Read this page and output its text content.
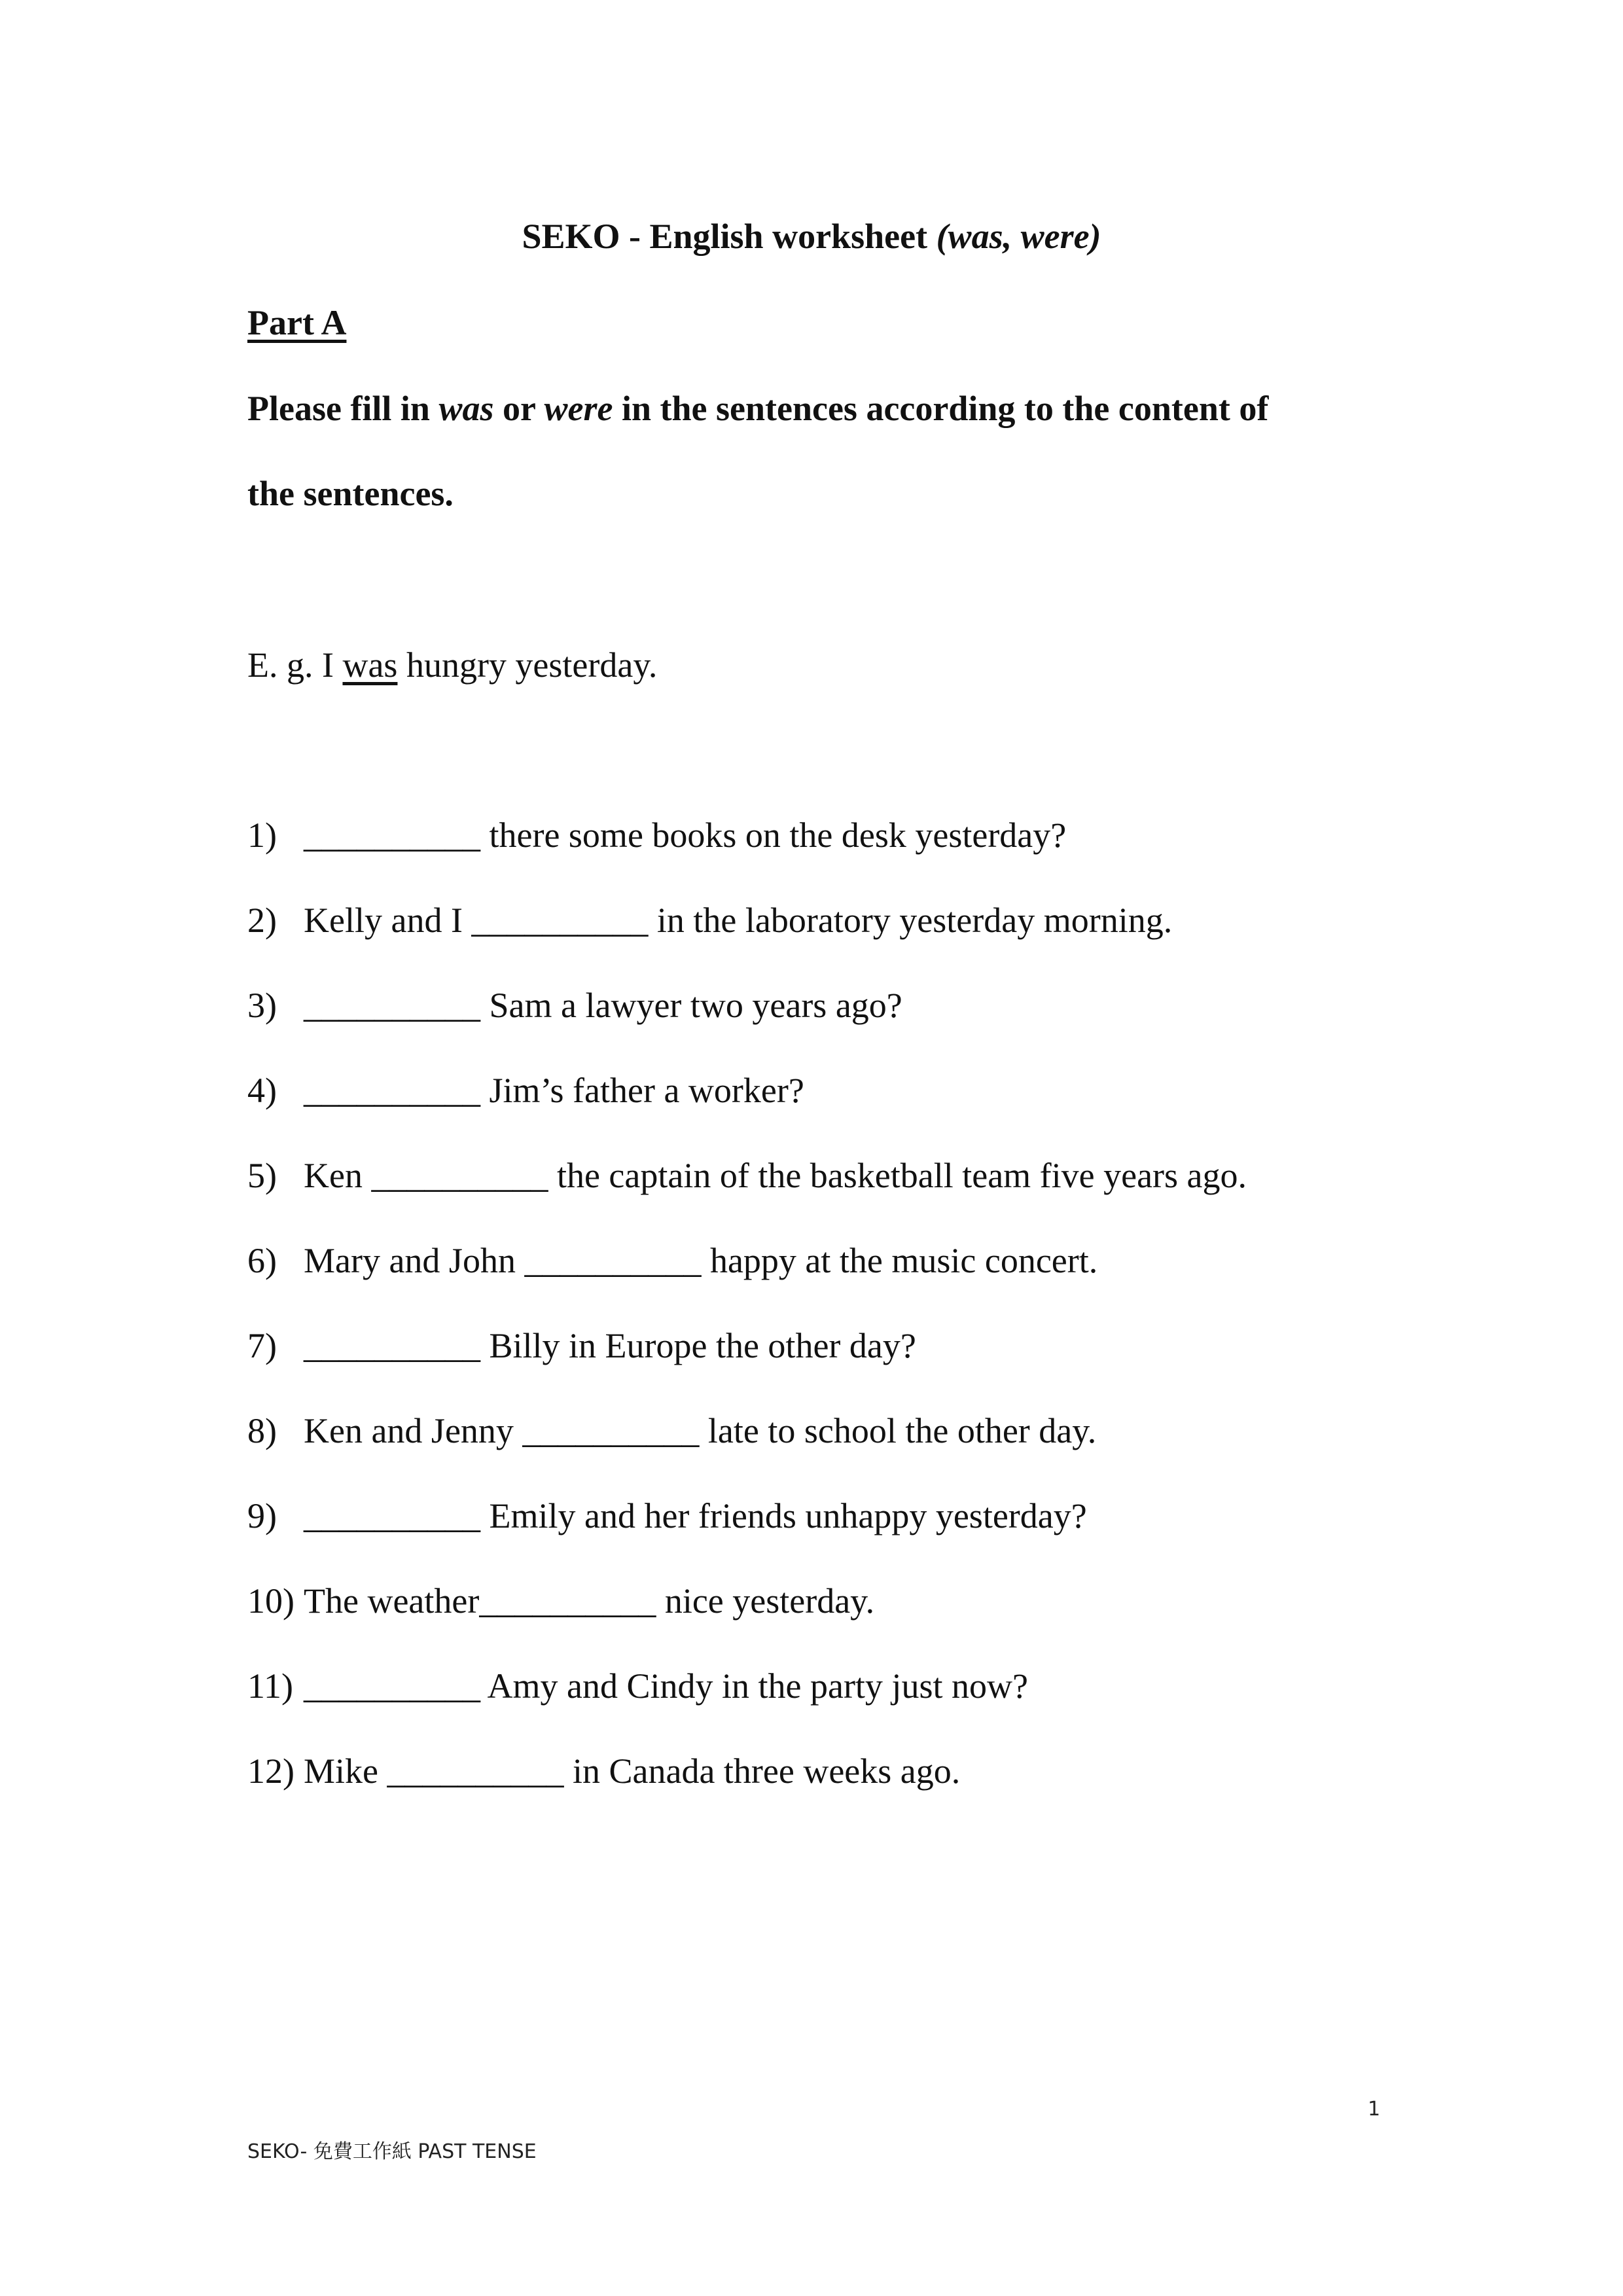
SEKO - English worksheet (was, were)
Part A
Please fill in was or were in the sentences according to the content of
the sentences.
E. g. I was hungry yesterday.
1) __________ there some books on the desk yesterday?
2) Kelly and I __________ in the laboratory yesterday morning.
3) __________ Sam a lawyer two years ago?
4) __________ Jim’s father a worker?
5) Ken __________ the captain of the basketball team five years ago.
6) Mary and John __________ happy at the music concert.
7) __________ Billy in Europe the other day?
8) Ken and Jenny __________ late to school the other day.
9) __________ Emily and her friends unhappy yesterday?
10) The weather__________ nice yesterday.
11) __________ Amy and Cindy in the party just now?
12) Mike __________ in Canada three weeks ago.
1
SEKO- 免費工作紙 PAST TENSE
